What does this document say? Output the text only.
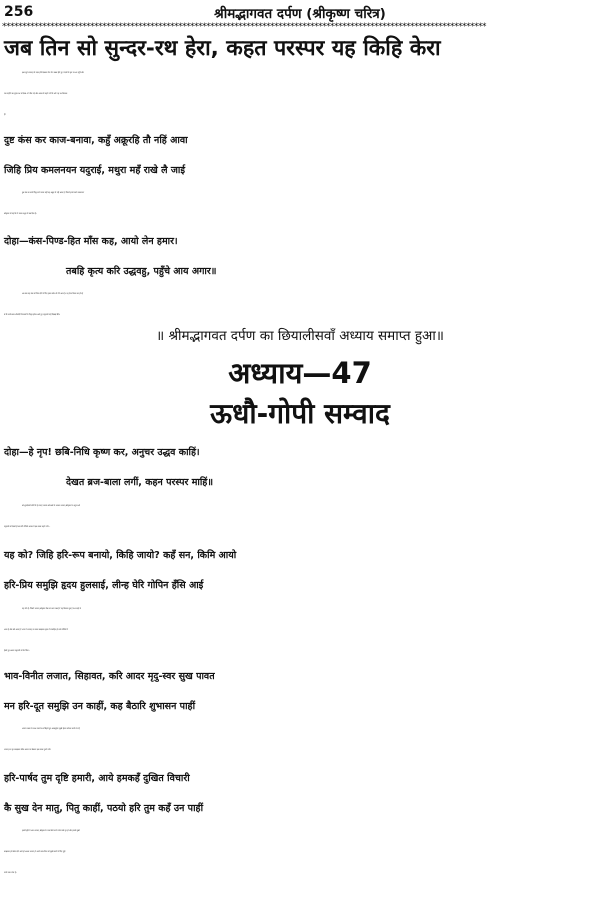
256	श्रीमद्भागवत दर्पण (श्रीकृष्ण चरित्र)
*************************************************************************************************************************
जब तिन सो सुन्दर-रथ हेरा, कहत परस्पर यह किहि केरा
इधर सूर्य भगवान् को उदय होते देखकर गोप लोग प्रसन्न होते हुए नन्दजी के द्वार पर आ पहुँचे और
जब उन्होंने उस सुन्दर रथ को देखा, तो चौंक पड़े और आपस में कहने लगे कि अरे! यह रथ किसका
है?
दुष्ट कंस कर काज-बनावा, कहुँ अक्रूरहि तौ नहिं आवा
जिहि प्रिय कमलनयन यदुराई, मथुरा महँ राखे लै जाई
दुष्ट कंस का कार्य सिद्ध करने वाला कहीं वह अक्रूर तो नहीं आया है, जिसने हमारे प्यारे कमलनयन
श्रीकृष्ण को यहाँ से ले जाकर मथुरा में रख दिया है।
दोहा—कंस-पिण्ड-हित माँस कह, आयो लेन हमार।
तबहि कृत्य करि उद्धवहु, पहुँचे आय अगार॥
अब क्या यह कंस को पिण्ड देने के लिए हमारा माँस भी लेने आया है। यह ऐसा विचार कर ही रहे
थे कि उसी समय शौचादि नित्यकर्मों से निवृत्त होकर आते हुए उद्धवजी उन्हें दिखाई दिये।
॥ श्रीमद्भागवत दर्पण का छियालीसवाँ अध्याय समाप्त हुआ॥
अध्याय—47
ऊधौ-गोपी सम्वाद
दोहा—हे नृप! छबि-निधि कृष्ण कर, अनुचर उद्धव काहिं।
देखत ब्रज-बाला लगीं, कहन परस्पर माहिं॥
श्री शुकदेवजी बोले कि हे राजन्! समस्त शोभाओं के भण्डार भगवान् श्रीकृष्ण के अनुचर श्री
उद्धवजी को देखते ही ब्रज की गोपियाँ आपस में इस प्रकार कहने लगीं—
यह को? जिहि हरि-रूप बनायो, किहि जायो? कहँ सन, किमि आयो
हरि-प्रिय समुझि हृदय हुलसाई, लीन्ह घेरि गोपिन हँसि आई
यह कौन है, जिसने भगवान् श्रीकृष्ण जैसा रूप बना रखा है? यह किसका पुत्र है तथा कहाँ से
आया है और क्यों आया है? अन्त में भगवान् का प्यारा समझकर हृदय में उत्साहित हो सभी गोपियों ने
हँसते हुए आकर उद्धवजी को घेर लिया।
भाव-विनीत लजात, सिहावत, करि आदर मृदु-स्वर सुख पावत
मन हरि-दूत समुझि उन काहीं, कह बैठारि शुभासन पाहीं
अत्यन्त नम्रता के साथ लजाते तथा सिहाते हुए आदरपूर्वक सुखी होकर कोमल वाणी से उन्हें
भगवान् का दूत समझकर पवित्र आसन पर बैठाकर इस प्रकार पूछने लगीं।
हरि-पार्षद तुम दृष्टि हमारी, आये हमकहँ दुखित विचारी
कै सुख देन मातु, पितु काहीं, पठयो हरि तुम कहँ उन पाहीं
हमारी दृष्टि में आप भगवान् श्रीकृष्ण के पास बैठने वाले उनके प्यारे दूत हो और हमको दुखी
समझकर हमें धीरज देने आये हो अथवा भगवान् ने अपने माता-पिता को सुखी करने के लिए तुम्हें
उनके पास भेजा है।
